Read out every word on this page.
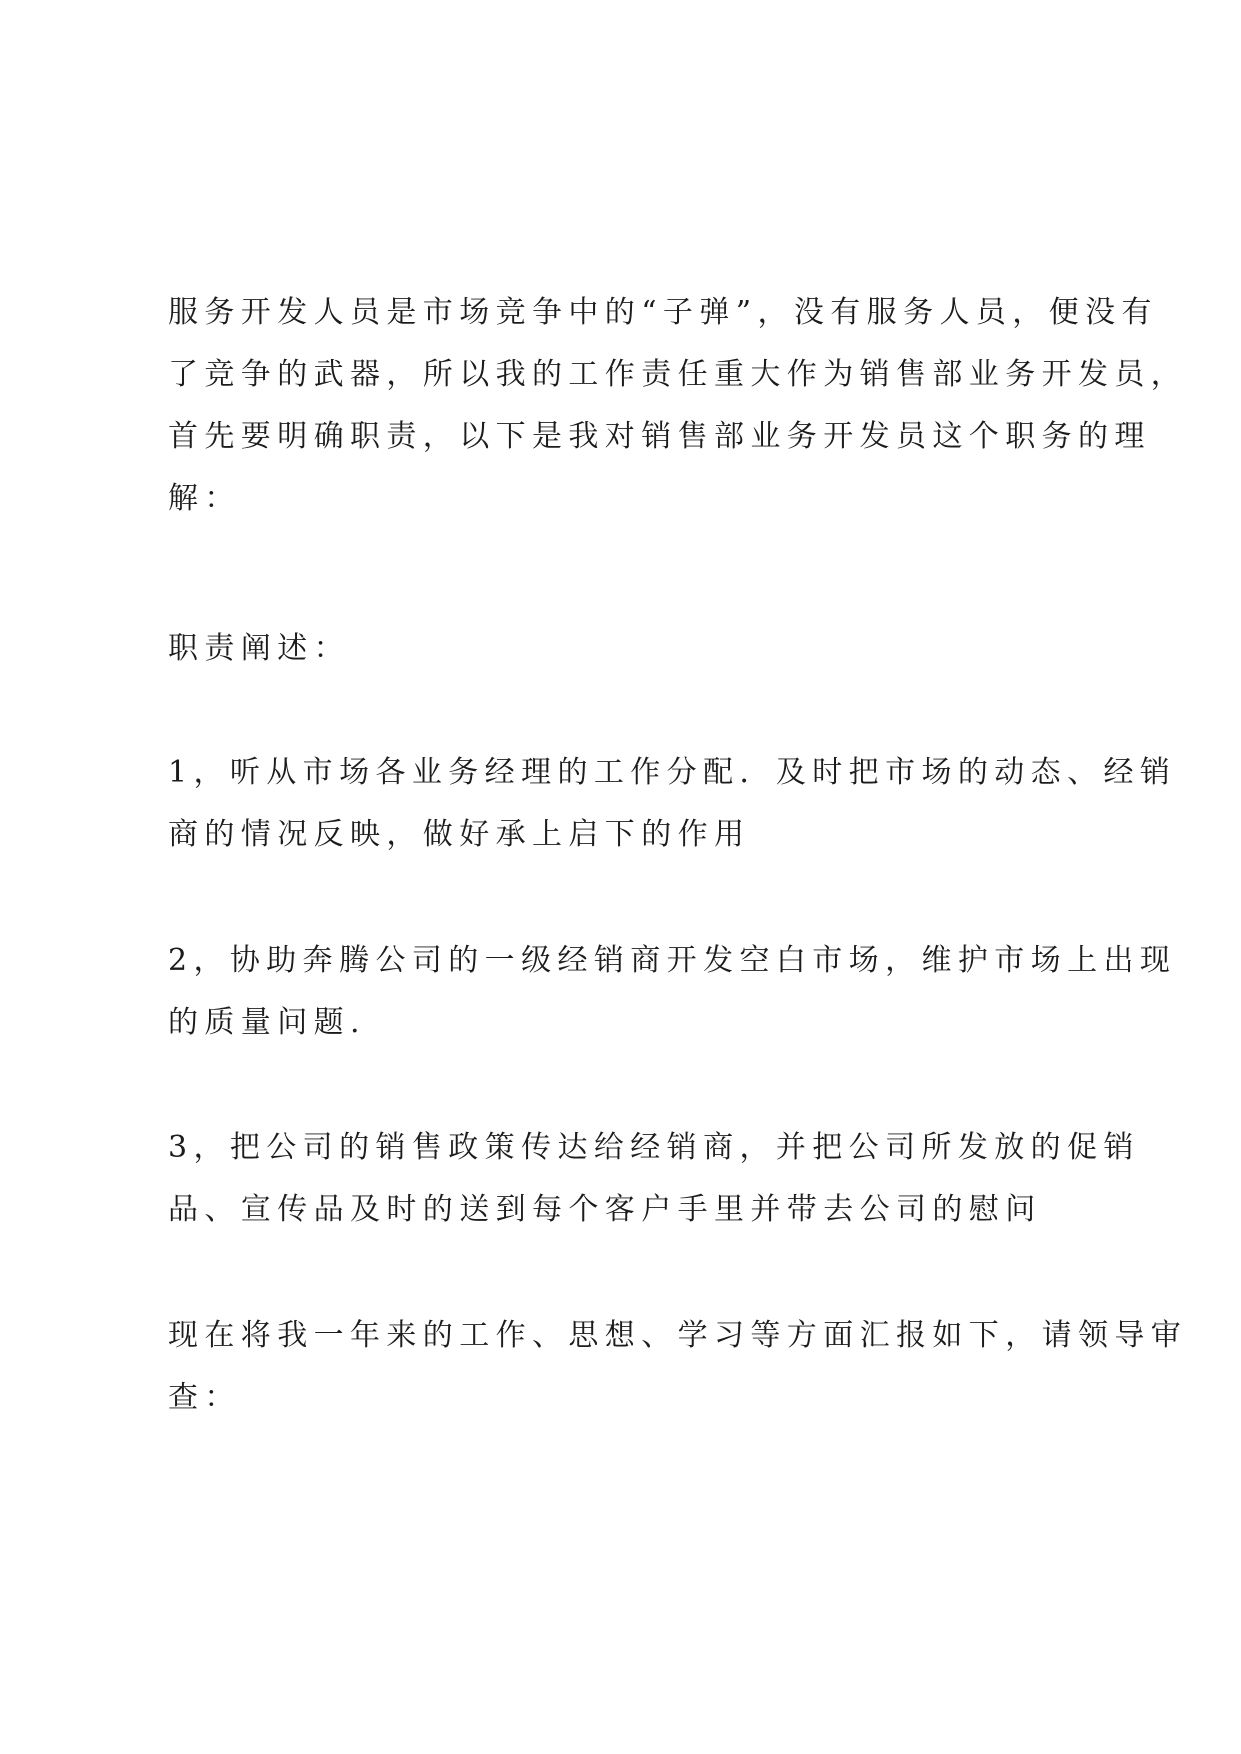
服务开发人员是市场竞争中的“子弹”，没有服务人员，便没有
了竞争的武器，所以我的工作责任重大作为销售部业务开发员，
首先要明确职责，以下是我对销售部业务开发员这个职务的理
解：

职责阐述：

1，听从市场各业务经理的工作分配．及时把市场的动态、经销
商的情况反映，做好承上启下的作用

2，协助奔腾公司的一级经销商开发空白市场，维护市场上出现
的质量问题.

3，把公司的销售政策传达给经销商，并把公司所发放的促销
品、宣传品及时的送到每个客户手里并带去公司的慰问

现在将我一年来的工作、思想、学习等方面汇报如下，请领导审
查：
